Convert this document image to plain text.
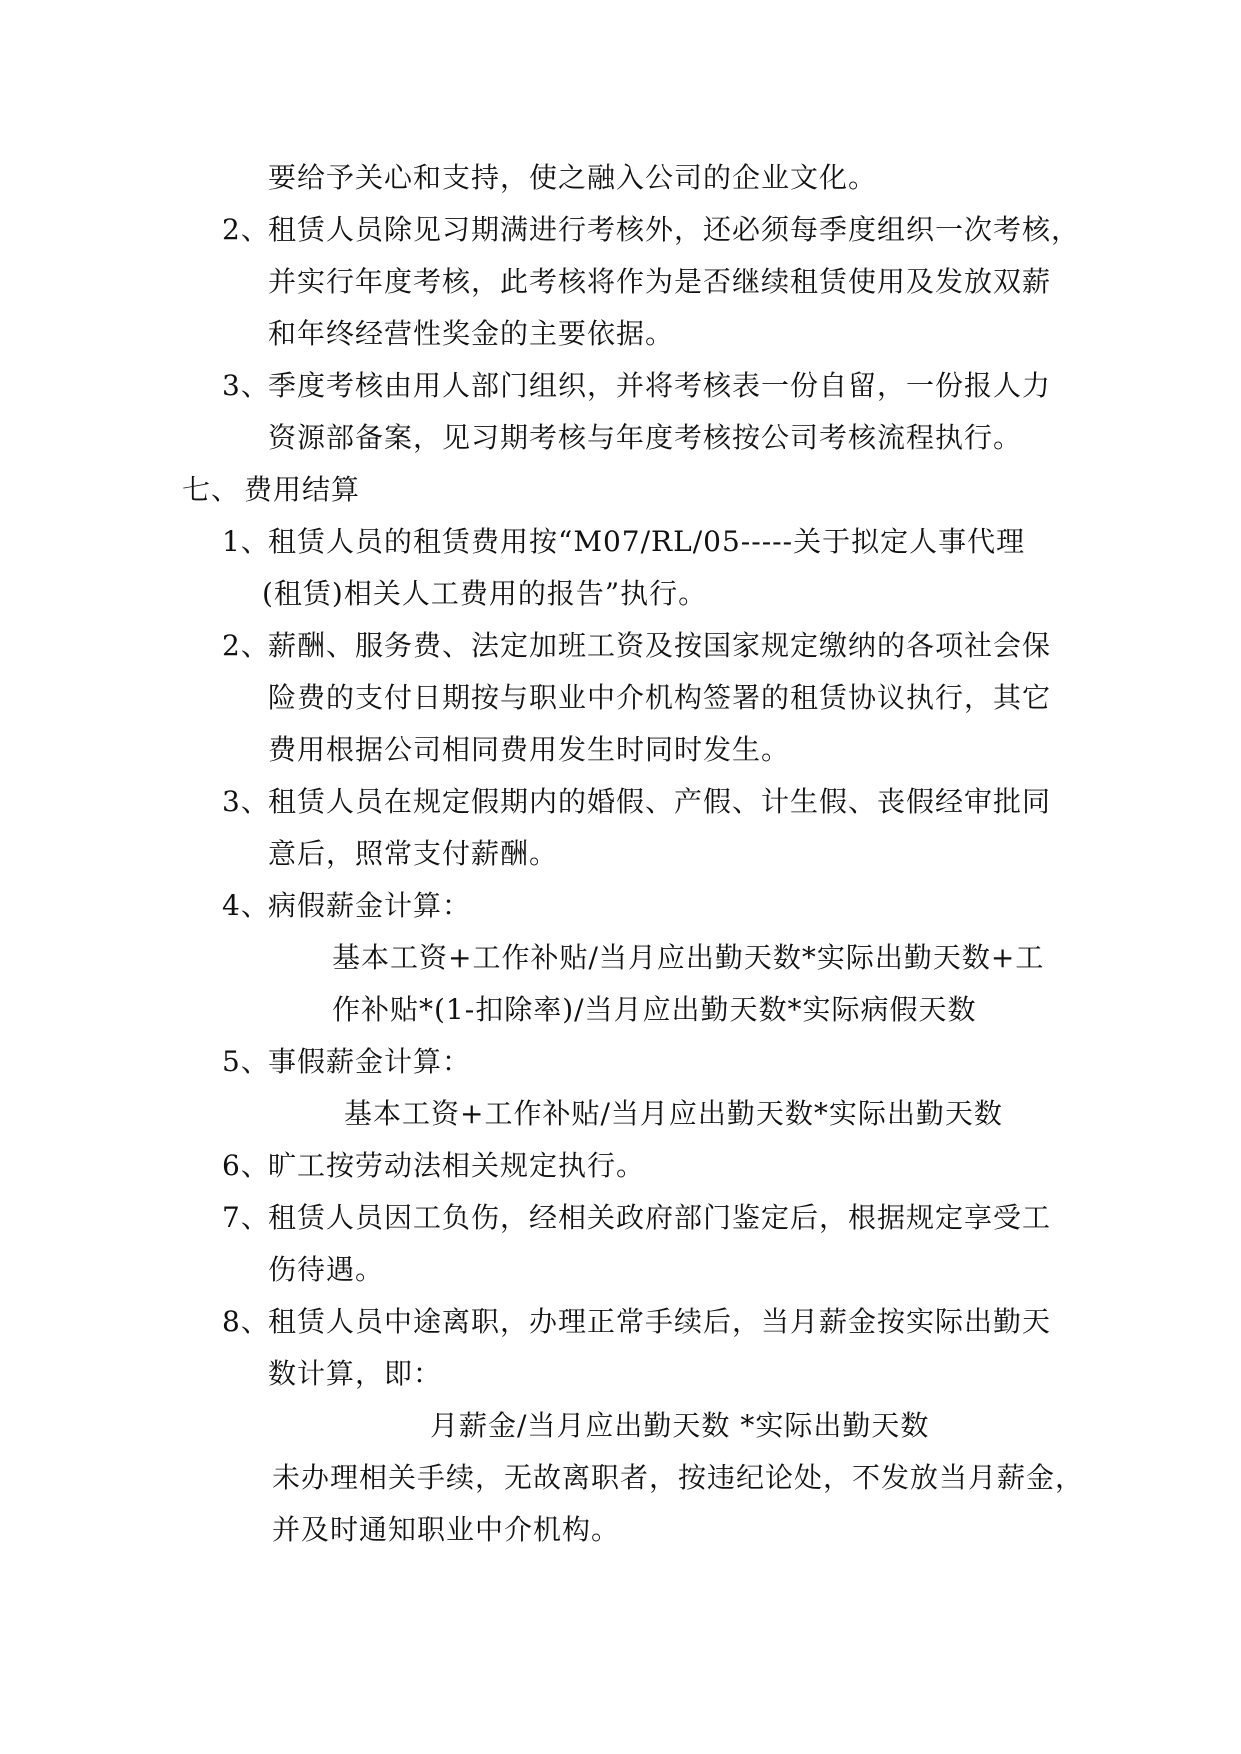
要给予关心和支持，使之融入公司的企业文化。
2、租赁人员除见习期满进行考核外，还必须每季度组织一次考核，
并实行年度考核，此考核将作为是否继续租赁使用及发放双薪
和年终经营性奖金的主要依据。
3、季度考核由用人部门组织，并将考核表一份自留，一份报人力
资源部备案，见习期考核与年度考核按公司考核流程执行。
七、 费用结算
1、租赁人员的租赁费用按“M07/RL/05-----关于拟定人事代理
(租赁)相关人工费用的报告”执行。
2、薪酬、服务费、法定加班工资及按国家规定缴纳的各项社会保
险费的支付日期按与职业中介机构签署的租赁协议执行，其它
费用根据公司相同费用发生时同时发生。
3、租赁人员在规定假期内的婚假、产假、计生假、丧假经审批同
意后，照常支付薪酬。
4、病假薪金计算：
基本工资+工作补贴/当月应出勤天数*实际出勤天数+工
作补贴*(1-扣除率)/当月应出勤天数*实际病假天数
5、事假薪金计算：
基本工资+工作补贴/当月应出勤天数*实际出勤天数
6、旷工按劳动法相关规定执行。
7、租赁人员因工负伤，经相关政府部门鉴定后，根据规定享受工
伤待遇。
8、租赁人员中途离职，办理正常手续后，当月薪金按实际出勤天
数计算，即：
月薪金/当月应出勤天数 *实际出勤天数
未办理相关手续，无故离职者，按违纪论处，不发放当月薪金，
并及时通知职业中介机构。
